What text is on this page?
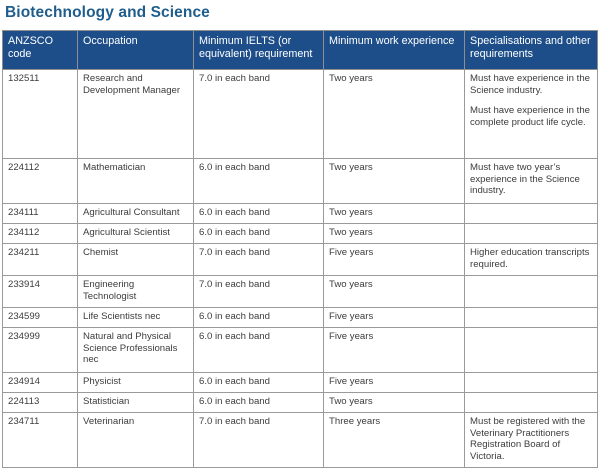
Biotechnology and Science
ANZSCO code	Occupation	Minimum IELTS (or equivalent) requirement	Minimum work experience	Specialisations and other requirements
132511	Research and Development Manager	7.0 in each band	Two years	Must have experience in the Science industry.

Must have experience in the complete product life cycle.

224112	Mathematician	6.0 in each band	Two years	Must have two year’s experience in the Science industry.

234111	Agricultural Consultant	6.0 in each band	Two years	
234112	Agricultural Scientist	6.0 in each band	Two years	
234211	Chemist	7.0 in each band	Five years	Higher education transcripts required.

233914	Engineering Technologist	7.0 in each band	Two years	
234599	Life Scientists nec	6.0 in each band	Five years	
234999	Natural and Physical Science Professionals nec	6.0 in each band	Five years	
234914	Physicist	6.0 in each band	Five years	
224113	Statistician	6.0 in each band	Two years	
234711	Veterinarian	7.0 in each band	Three years	Must be registered with the Veterinary Practitioners Registration Board of Victoria.
